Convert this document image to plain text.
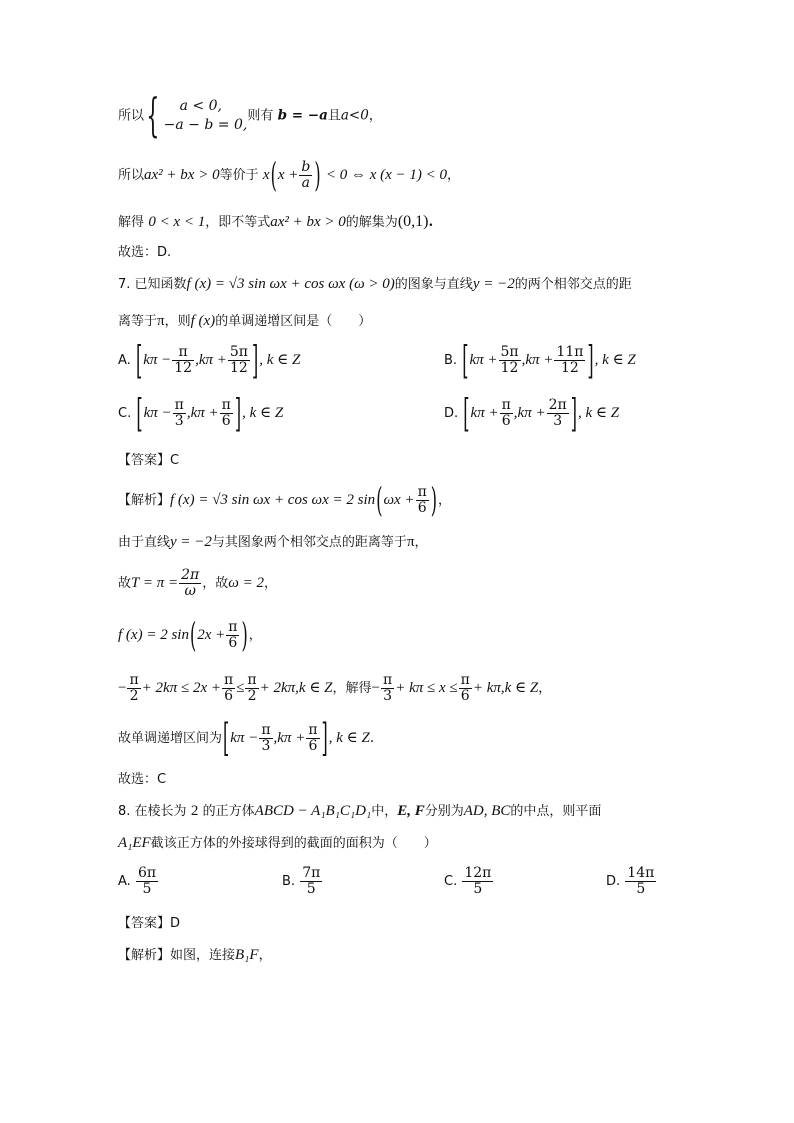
所以{	a < 0,
−a − b = 0,
则有 b = −a且a<0，
所以ax² + bx > 0等价于 $x(x + \frac{b}{a}$ ) < 0 ⇔ x (x − 1) < 0，
解得 0 < x < 1，即不等式ax² + bx > 0的解集为(0,1).
故选：D.
7. 已知函数f (x) = √3 sin ωx + cos ωx (ω > 0)的图象与直线y = −2的两个相邻交点的距
离等于π，则f (x)的单调递增区间是（　　）
A. [$k\pi - \frac{\pi}{12} ,k\pi + \frac{5\pi}{12}$ ], k ∈ Z	B. [$k\pi + \frac{5\pi}{12} ,k\pi + \frac{11\pi}{12}$ ], k ∈ Z
C. [$k\pi - \frac{\pi}{3} ,k\pi + \frac{\pi}{6}$ ], k ∈ Z	D. [$k\pi + \frac{\pi}{6} ,k\pi + \frac{2\pi}{3}$ ], k ∈ Z
【答案】C
【解析】f (x) = √3 sin ωx + cos ωx = 2 $\sin(\omega x + \frac{\pi}{6}$ )，
由于直线y = −2与其图象两个相邻交点的距离等于π，
故$T = \pi = \frac{2\pi}{\omega}$ ，故ω = 2，
f (x) = 2 $\sin(2x + \frac{\pi}{6}$ )，
− $\frac{\pi}{2} + 2k\pi \le 2x + \frac{\pi}{6} \le \frac{\pi}{2} + 2k\pi,k$ ∈ Z，解得− $\frac{\pi}{3} + k\pi \le x \le \frac{\pi}{6} + k\pi,k$ ∈ Z，
故单调递增区间为[$k\pi - \frac{\pi}{3} ,k\pi + \frac{\pi}{6}$ ], k ∈ Z.
故选：C
8. 在棱长为 2 的正方体ABCD − A₁B₁C₁D₁中，E, F分别为AD, BC的中点，则平面
A₁EF截该正方体的外接球得到的截面的面积为（　　）
A. $\frac{6\pi}{5}$	B. $\frac{7\pi}{5}$	C. $\frac{12\pi}{5}$	D. $\frac{14\pi}{5}$
【答案】D
【解析】如图，连接B₁F，
